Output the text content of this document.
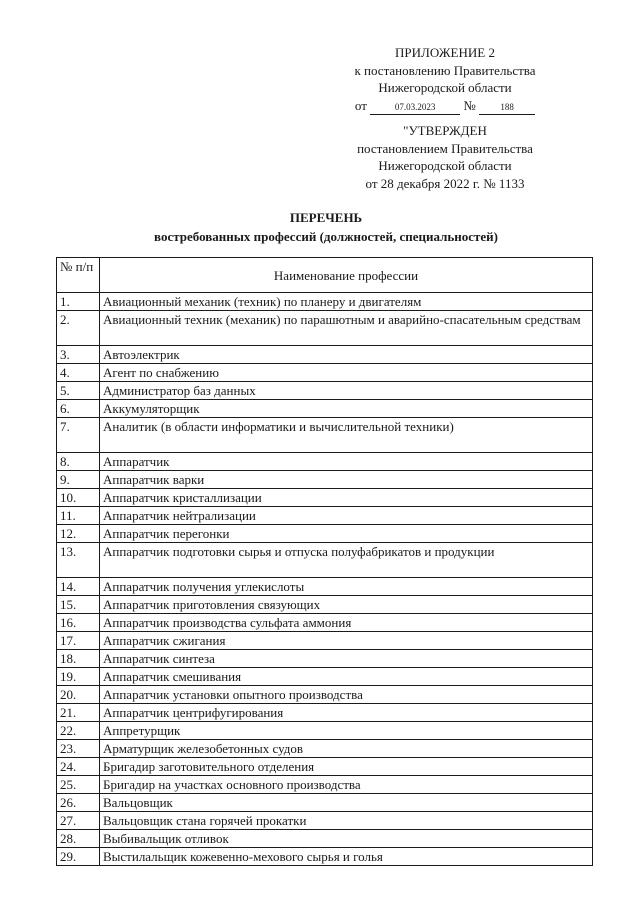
ПРИЛОЖЕНИЕ 2
к постановлению Правительства
Нижегородской области
от	07.03.2023 №	188
"УТВЕРЖДЕН
постановлением Правительства
Нижегородской области
от 28 декабря 2022 г. № 1133
ПЕРЕЧЕНЬ
востребованных профессий (должностей, специальностей)
№ п/п	Наименование профессии
1.	Авиационный механик (техник) по планеру и двигателям
2.	Авиационный техник (механик) по парашютным и аварийно-спасательным средствам
3.	Автоэлектрик
4.	Агент по снабжению
5.	Администратор баз данных
6.	Аккумуляторщик
7.	Аналитик (в области информатики и вычислительной техники)
8.	Аппаратчик
9.	Аппаратчик варки
10.	Аппаратчик кристаллизации
11.	Аппаратчик нейтрализации
12.	Аппаратчик перегонки
13.	Аппаратчик подготовки сырья и отпуска полуфабрикатов и продукции
14.	Аппаратчик получения углекислоты
15.	Аппаратчик приготовления связующих
16.	Аппаратчик производства сульфата аммония
17.	Аппаратчик сжигания
18.	Аппаратчик синтеза
19.	Аппаратчик смешивания
20.	Аппаратчик установки опытного производства
21.	Аппаратчик центрифугирования
22.	Аппретурщик
23.	Арматурщик железобетонных судов
24.	Бригадир заготовительного отделения
25.	Бригадир на участках основного производства
26.	Вальцовщик
27.	Вальцовщик стана горячей прокатки
28.	Выбивальщик отливок
29.	Выстилальщик кожевенно-мехового сырья и голья
